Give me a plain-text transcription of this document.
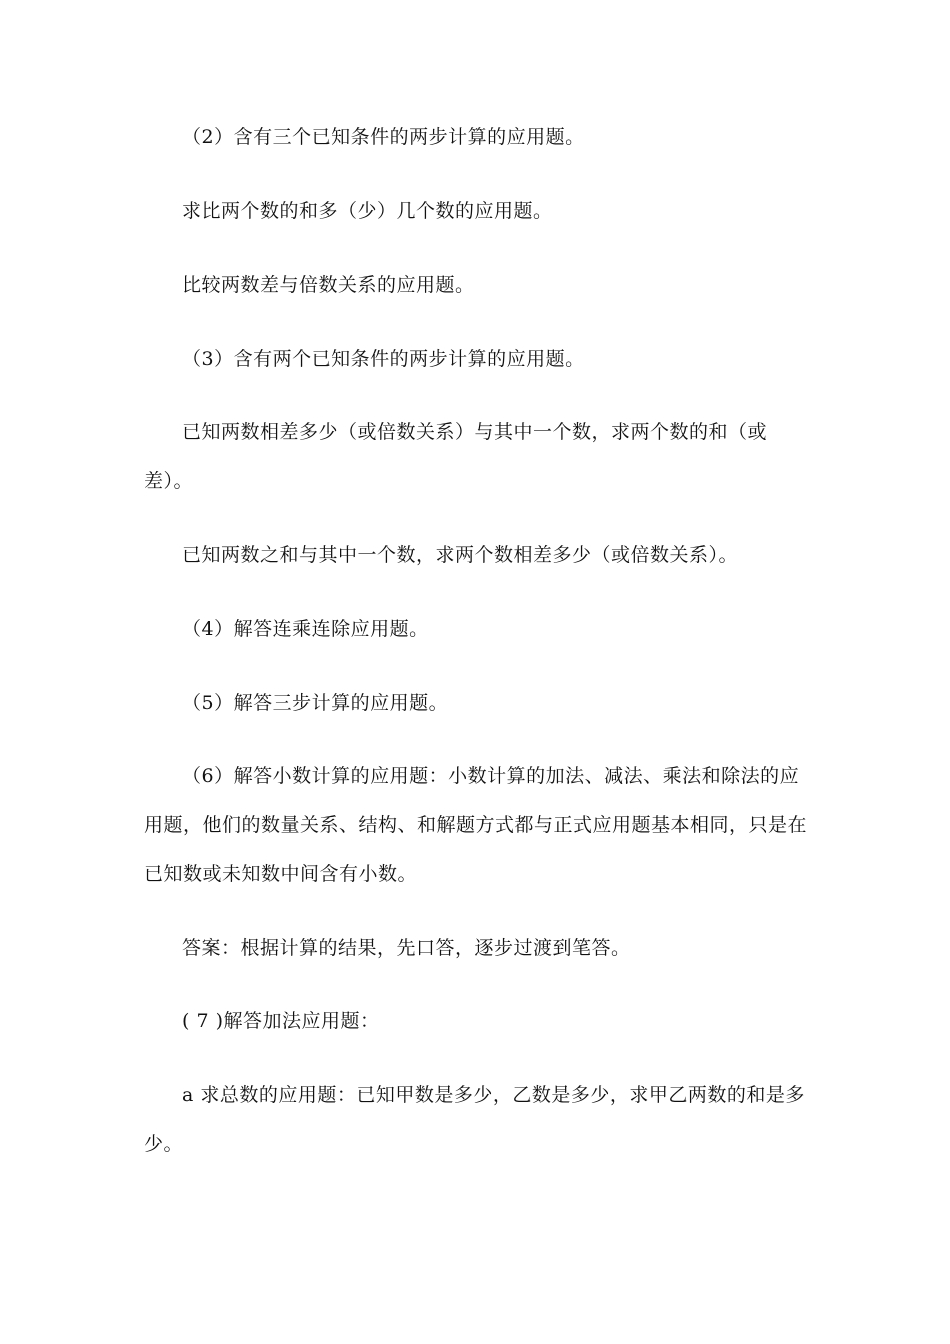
（2）含有三个已知条件的两步计算的应用题。

求比两个数的和多（少）几个数的应用题。

比较两数差与倍数关系的应用题。

（3）含有两个已知条件的两步计算的应用题。

已知两数相差多少（或倍数关系）与其中一个数，求两个数的和（或差）。

已知两数之和与其中一个数，求两个数相差多少（或倍数关系）。

（4）解答连乘连除应用题。

（5）解答三步计算的应用题。

（6）解答小数计算的应用题：小数计算的加法、减法、乘法和除法的应用题，他们的数量关系、结构、和解题方式都与正式应用题基本相同，只是在已知数或未知数中间含有小数。

答案：根据计算的结果，先口答，逐步过渡到笔答。

( 7 )解答加法应用题：

a 求总数的应用题：已知甲数是多少，乙数是多少，求甲乙两数的和是多少。
